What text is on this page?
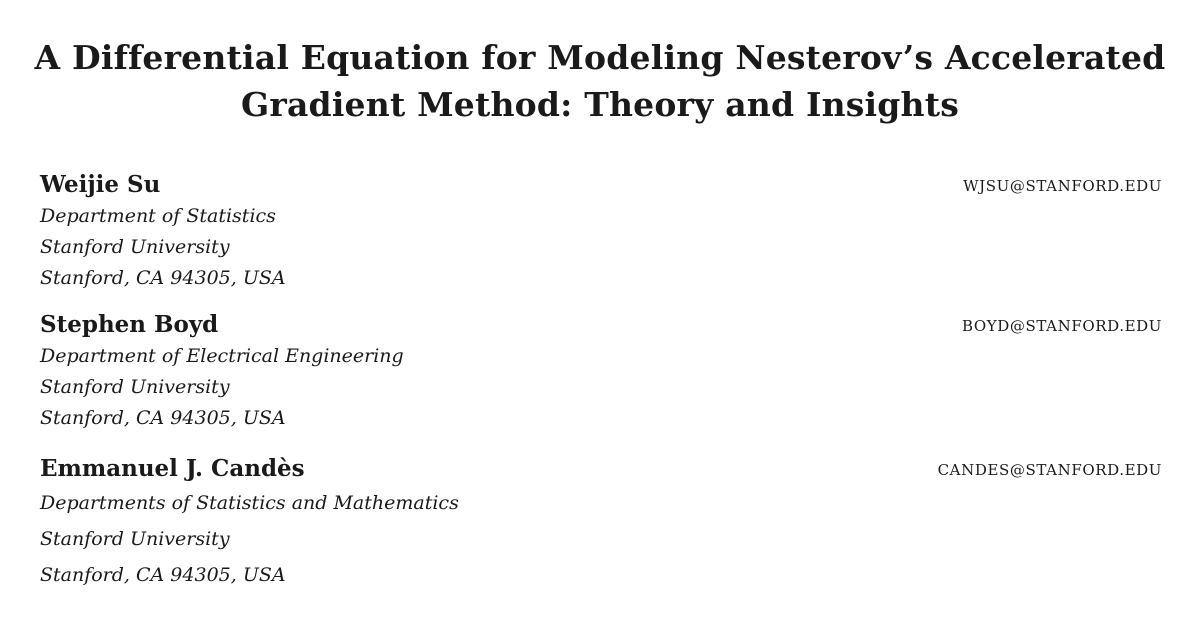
A Differential Equation for Modeling Nesterov’s Accelerated
Gradient Method: Theory and Insights
Weijie Su	WJSU@STANFORD.EDU
Department of Statistics
Stanford University
Stanford, CA 94305, USA
Stephen Boyd	BOYD@STANFORD.EDU
Department of Electrical Engineering
Stanford University
Stanford, CA 94305, USA
Emmanuel J. Candès	CANDES@STANFORD.EDU
Departments of Statistics and Mathematics
Stanford University
Stanford, CA 94305, USA
